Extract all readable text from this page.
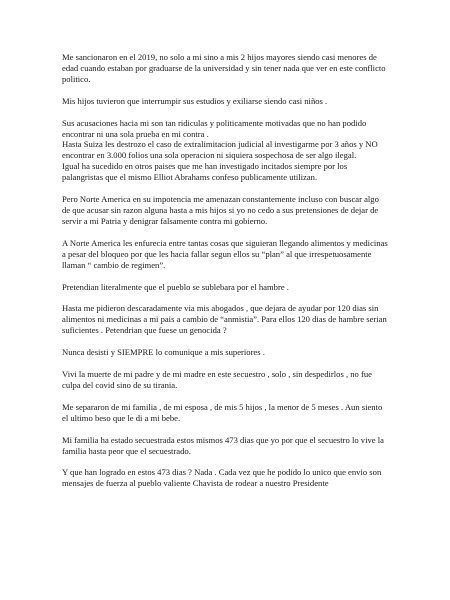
Me sancionaron en el 2019, no solo a mi sino a mis 2 hijos mayores siendo casi menores de edad cuando estaban por graduarse de la universidad y sin tener nada que ver en este conflicto politico.

Mis hijos tuvieron que interrumpir sus estudios y exiliarse siendo casi niños .

Sus acusaciones hacia mi son tan ridiculas y politicamente motivadas que no han podido encontrar ni una sola prueba en mi contra .
Hasta Suiza les destrozo el caso de extralimitacion judicial al investigarme por 3 años y NO encontrar en 3.000 folios una sola operacion ni siquiera sospechosa de ser algo ilegal.
Igual ha sucedido en otros paises que me han investigado incitados siempre por los palangristas que el mismo Elliot Abrahams confeso publicamente utilizan.

Pero Norte America en su impotencia me amenazan constantemente incluso con buscar algo de que acusar sin razon alguna hasta a mis hijos si yo no cedo a sus pretensiones de dejar de servir a mi Patria y denigrar falsamente contra mi gobierno.

A Norte America les enfurecia entre tantas cosas que siguieran llegando alimentos y medicinas a pesar del bloqueo por que les hacia fallar segun ellos su “plan” al que irrespetuosamente llaman “ cambio de regimen”.

Pretendian literalmente que el pueblo se sublebara por el hambre .

Hasta me pidieron descaradamente via mis abogados , que dejara de ayudar por 120 dias sin alimentos ni medicinas a mi pais a cambio de “anmistia”. Para ellos 120 dias de hambre serian suficientes . Petendrian que fuese un genocida ?

Nunca desisti y SIEMPRE lo comunique a mis superiores .

Vivi la muerte de mi padre y de mi madre en este secuestro , solo , sin despedirlos , no fue culpa del covid sino de su tirania.

Me separaron de mi familia , de mi esposa , de mis 5 hijos , la menor de 5 meses . Aun siento el ultimo beso que le di a mi bebe.

Mi familia ha estado secuestrada estos mismos 473 dias que yo por que el secuestro lo vive la familia hasta peor que el secuestrado.

Y que han logrado en estos 473 dias ? Nada . Cada vez que he podido lo unico que envio son mensajes de fuerza al pueblo valiente Chavista de rodear a nuestro Presidente
